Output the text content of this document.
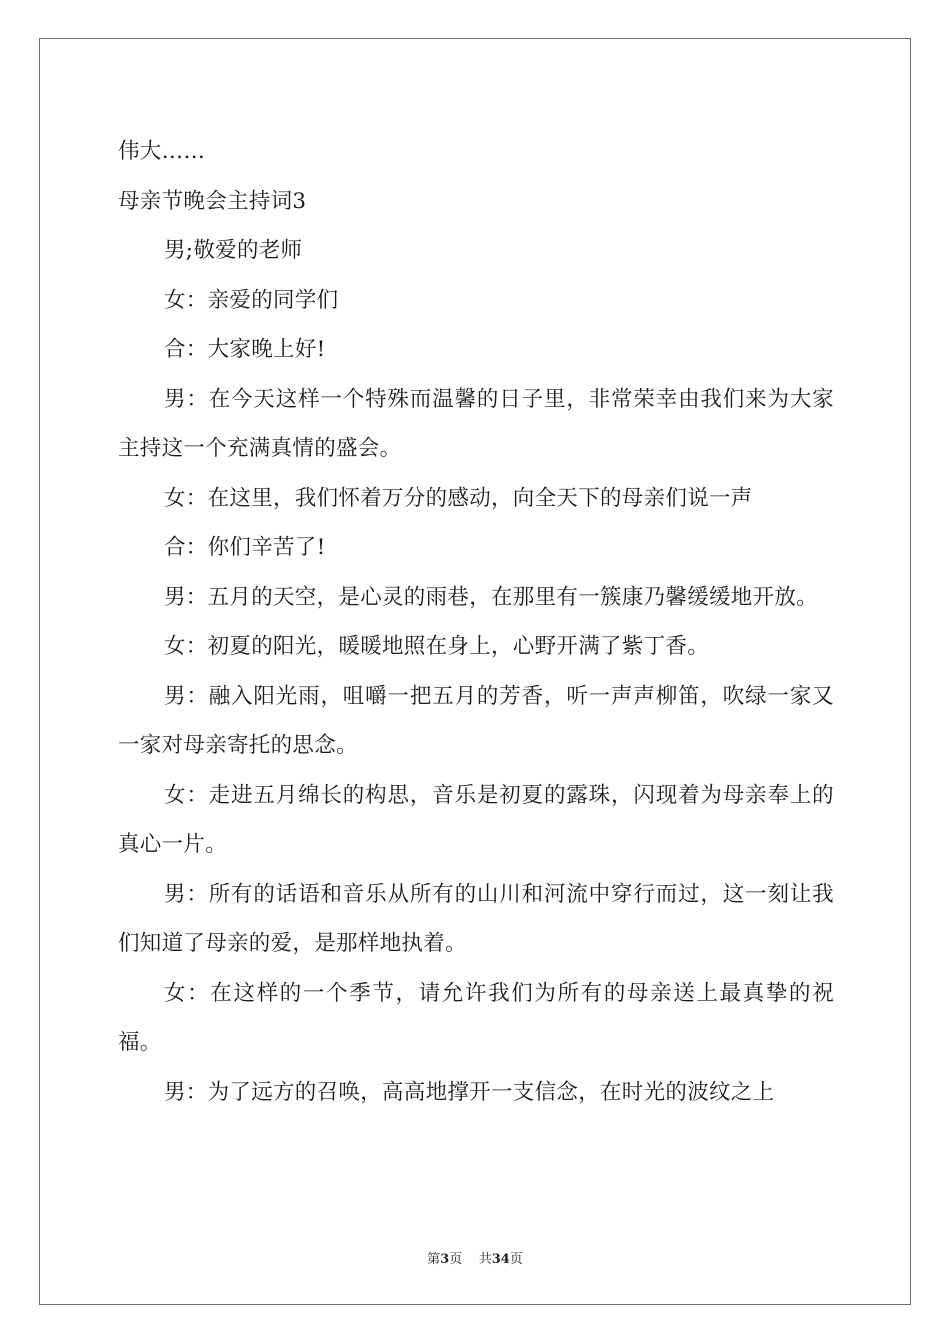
伟大……

母亲节晚会主持词3

男;敬爱的老师

女：亲爱的同学们

合：大家晚上好!

男：在今天这样一个特殊而温馨的日子里，非常荣幸由我们来为大家主持这一个充满真情的盛会。

女：在这里，我们怀着万分的感动，向全天下的母亲们说一声

合：你们辛苦了!

男：五月的天空，是心灵的雨巷，在那里有一簇康乃馨缓缓地开放。

女：初夏的阳光，暖暖地照在身上，心野开满了紫丁香。

男：融入阳光雨，咀嚼一把五月的芳香，听一声声柳笛，吹绿一家又一家对母亲寄托的思念。

女：走进五月绵长的构思，音乐是初夏的露珠，闪现着为母亲奉上的真心一片。

男：所有的话语和音乐从所有的山川和河流中穿行而过，这一刻让我们知道了母亲的爱，是那样地执着。

女：在这样的一个季节，请允许我们为所有的母亲送上最真挚的祝福。

男：为了远方的召唤，高高地撑开一支信念，在时光的波纹之上

第3页 共34页
